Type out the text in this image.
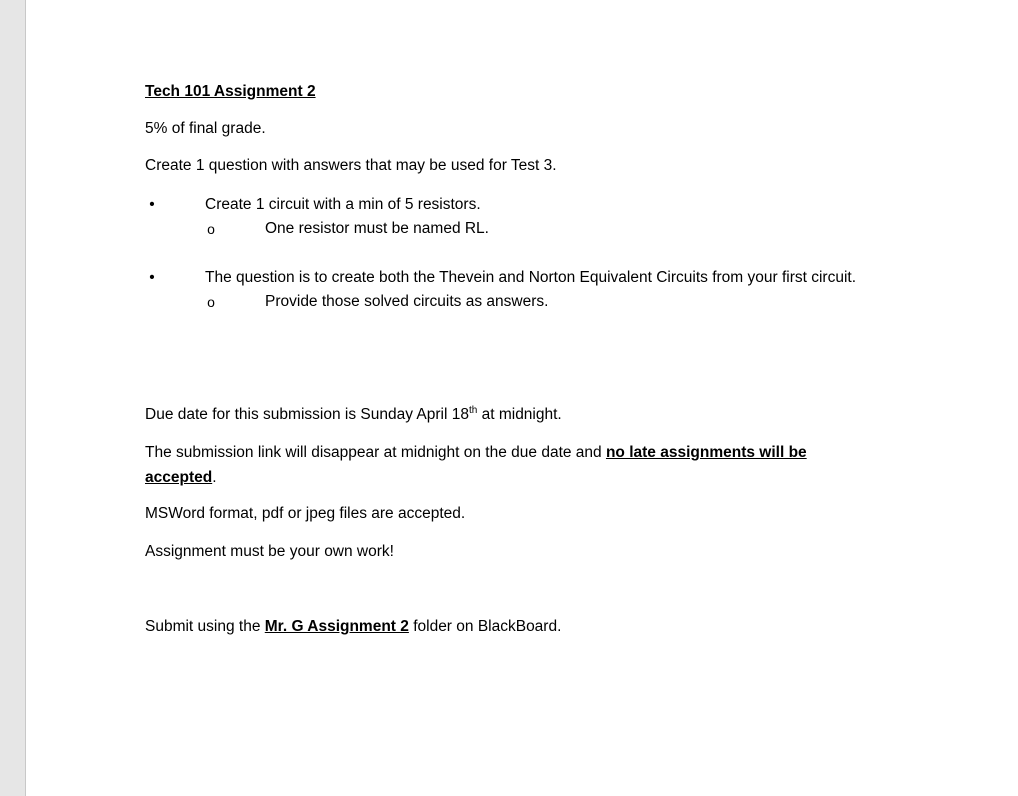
Tech 101 Assignment 2

5% of final grade.

Create 1 question with answers that may be used for Test 3.

•	Create 1 circuit with a min of 5 resistors.
o	One resistor must be named RL.
•	The question is to create both the Thevein and Norton Equivalent Circuits from your first circuit.
o	Provide those solved circuits as answers.

Due date for this submission is Sunday April 18th at midnight.

The submission link will disappear at midnight on the due date and no late assignments will be accepted.

MSWord format, pdf or jpeg files are accepted.

Assignment must be your own work!

Submit using the Mr. G Assignment 2 folder on BlackBoard.
